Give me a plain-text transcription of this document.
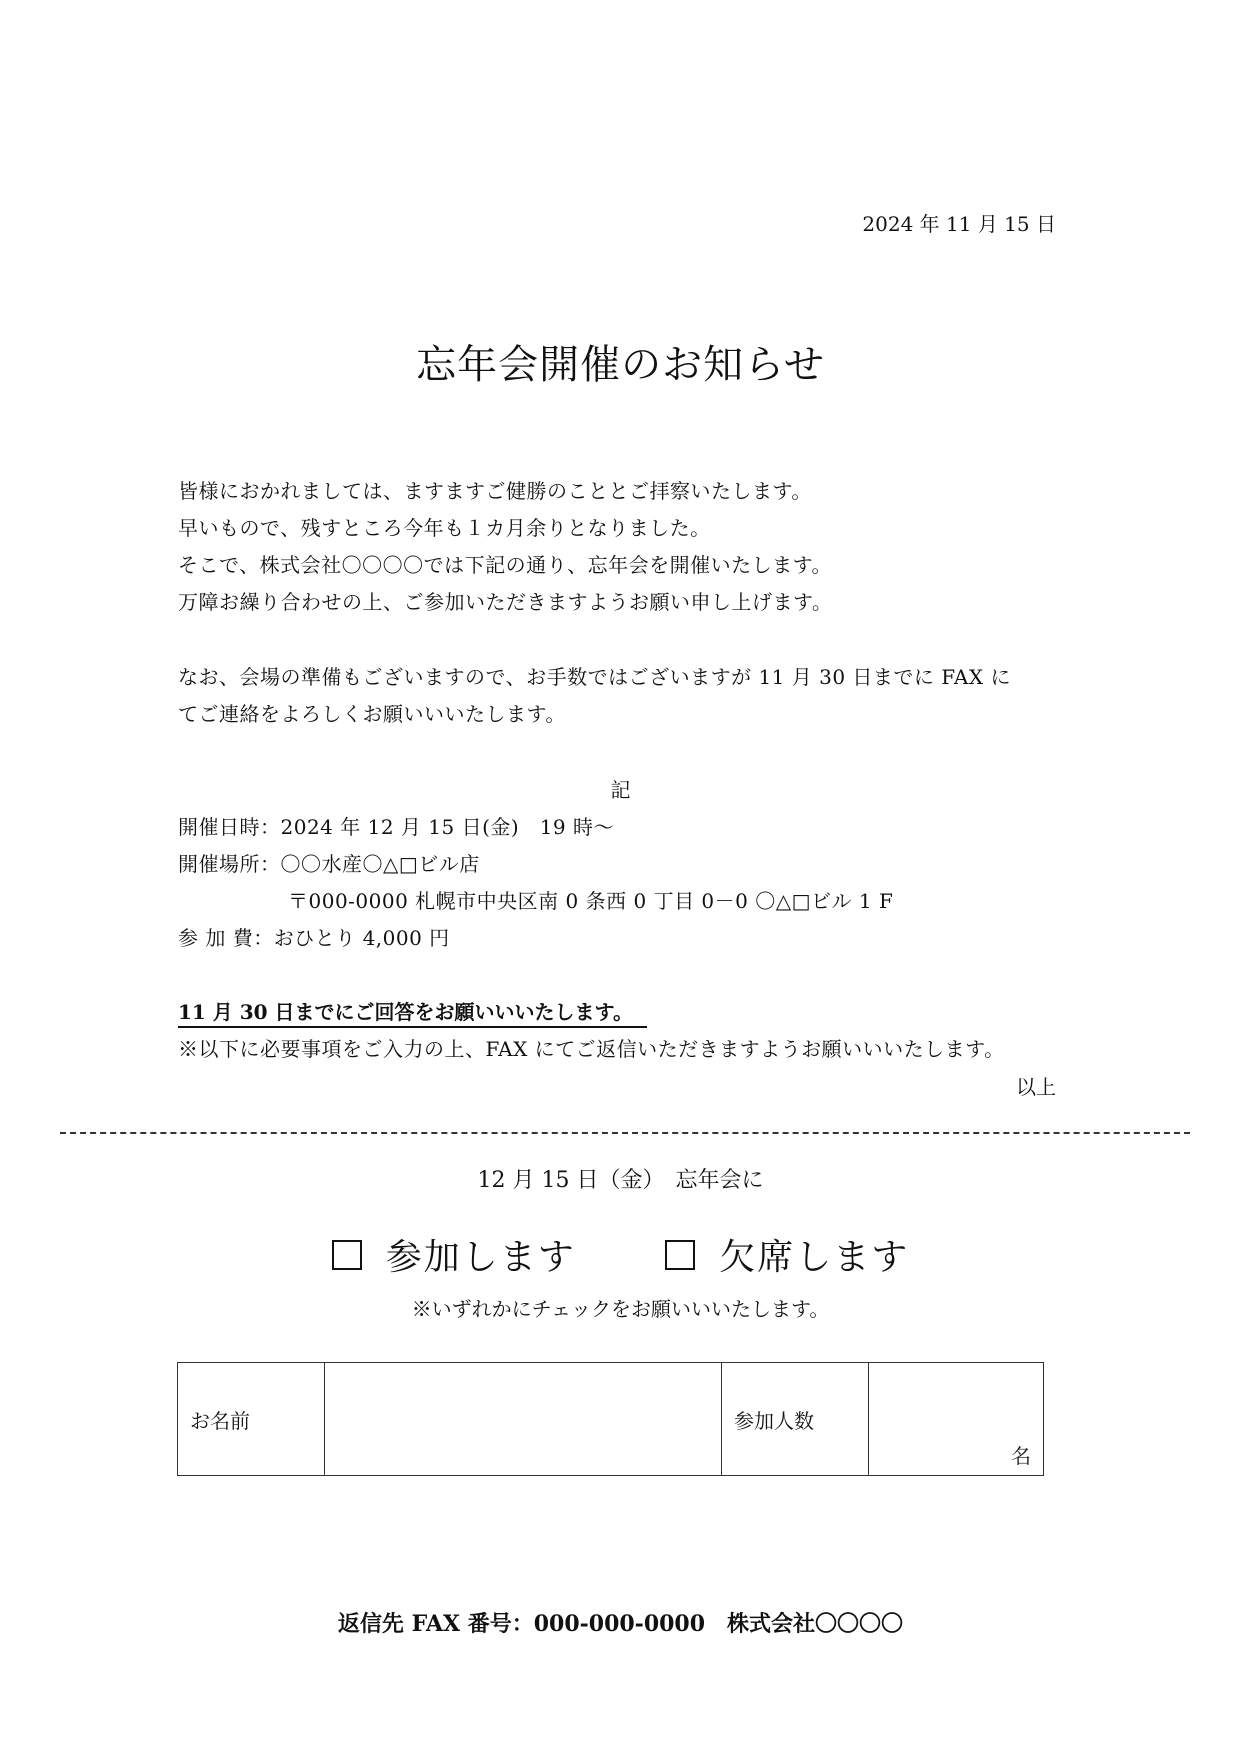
2024 年 11 月 15 日
忘年会開催のお知らせ
皆様におかれましては、ますますご健勝のこととご拝察いたします。
早いもので、残すところ今年も１カ月余りとなりました。
そこで、株式会社〇〇〇〇では下記の通り、忘年会を開催いたします。
万障お繰り合わせの上、ご参加いただきますようお願い申し上げます。
なお、会場の準備もございますので、お手数ではございますが 11 月 30 日までに FAX に
てご連絡をよろしくお願いいいたします。
記
開催日時：2024 年 12 月 15 日(金)　19 時～
開催場所：〇〇水産〇△□ビル店
〒000-0000 札幌市中央区南 0 条西 0 丁目 0－0 〇△□ビル 1 F
参 加 費：おひとり 4,000 円
11 月 30 日までにご回答をお願いいいたします。
※以下に必要事項をご入力の上、FAX にてご返信いただきますようお願いいいたします。
以上
12 月 15 日（金）　忘年会に
参加します
	欠席します
※いずれかにチェックをお願いいいたします。
お名前		参加人数	
名
返信先 FAX 番号：000-000-0000　株式会社〇〇〇〇
